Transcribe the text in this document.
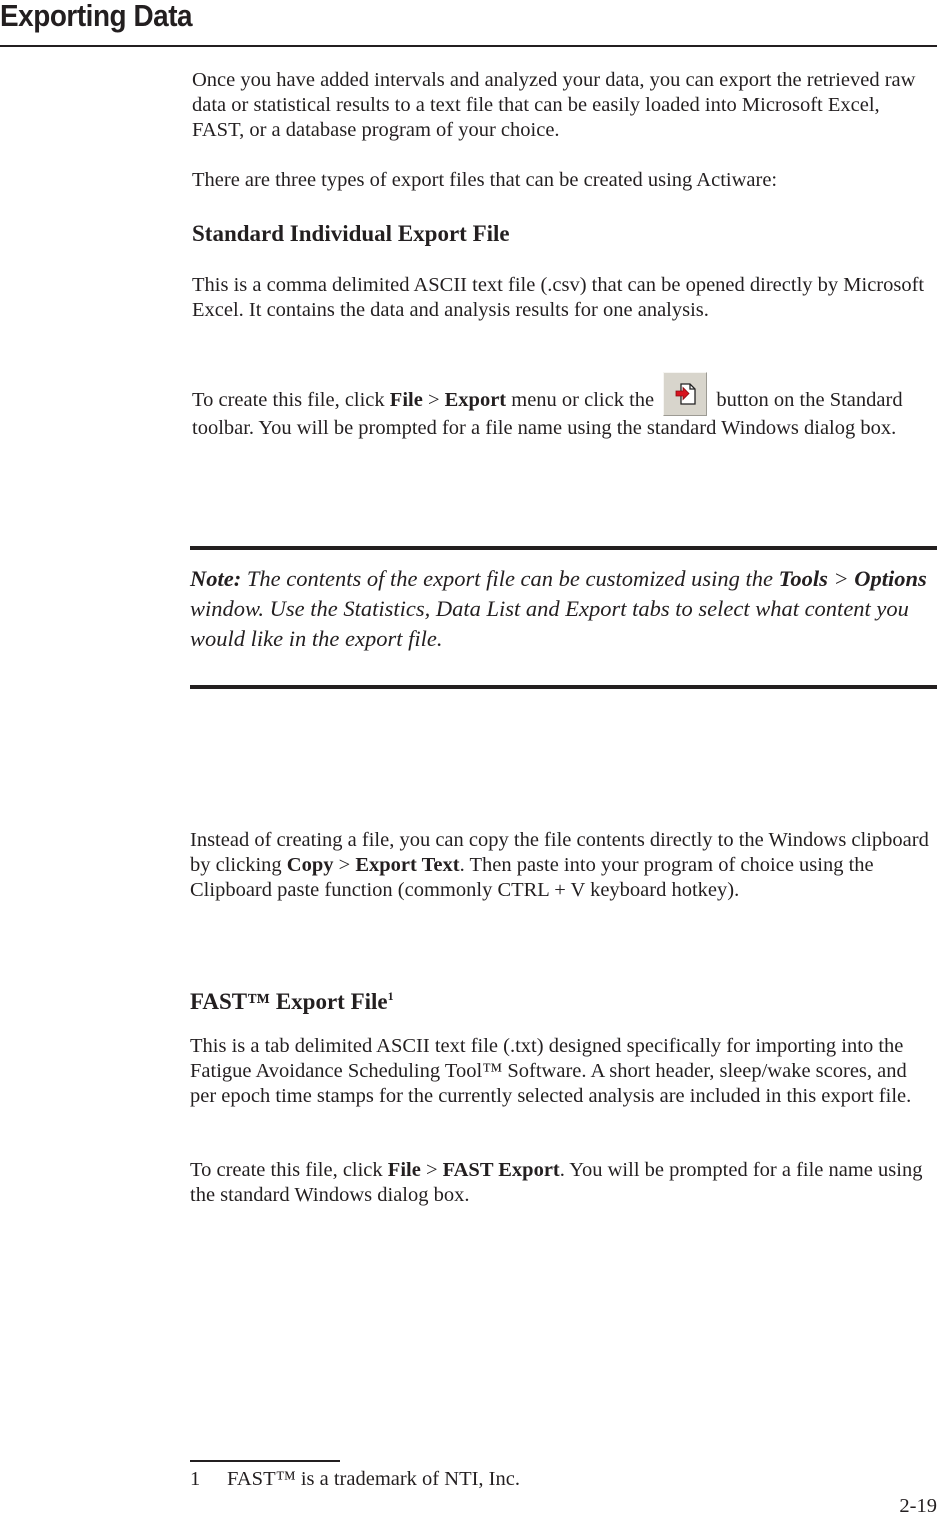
Exporting Data

Once you have added intervals and analyzed your data, you can export the retrieved raw data or statistical results to a text file that can be easily loaded into Microsoft Excel, FAST, or a database program of your choice.

There are three types of export files that can be created using Actiware:

Standard Individual Export File

This is a comma delimited ASCII text file (.csv) that can be opened directly by Microsoft Excel. It contains the data and analysis results for one analysis.

To create this file, click File > Export menu or click the	button on the Standard toolbar. You will be prompted for a file name using the standard Windows dialog box.

Note: The contents of the export file can be customized using the Tools > Options window. Use the Statistics, Data List and Export tabs to select what content you would like in the export file.

Instead of creating a file, you can copy the file contents directly to the Windows clipboard by clicking Copy > Export Text. Then paste into your program of choice using the Clipboard paste function (commonly CTRL + V keyboard hotkey).

FAST™ Export File$^1$

This is a tab delimited ASCII text file (.txt) designed specifically for importing into the Fatigue Avoidance Scheduling Tool™ Software. A short header, sleep/wake scores, and per epoch time stamps for the currently selected analysis are included in this export file.

To create this file, click File > FAST Export. You will be prompted for a file name using the standard Windows dialog box.

1 FAST™ is a trademark of NTI, Inc.

2-19
